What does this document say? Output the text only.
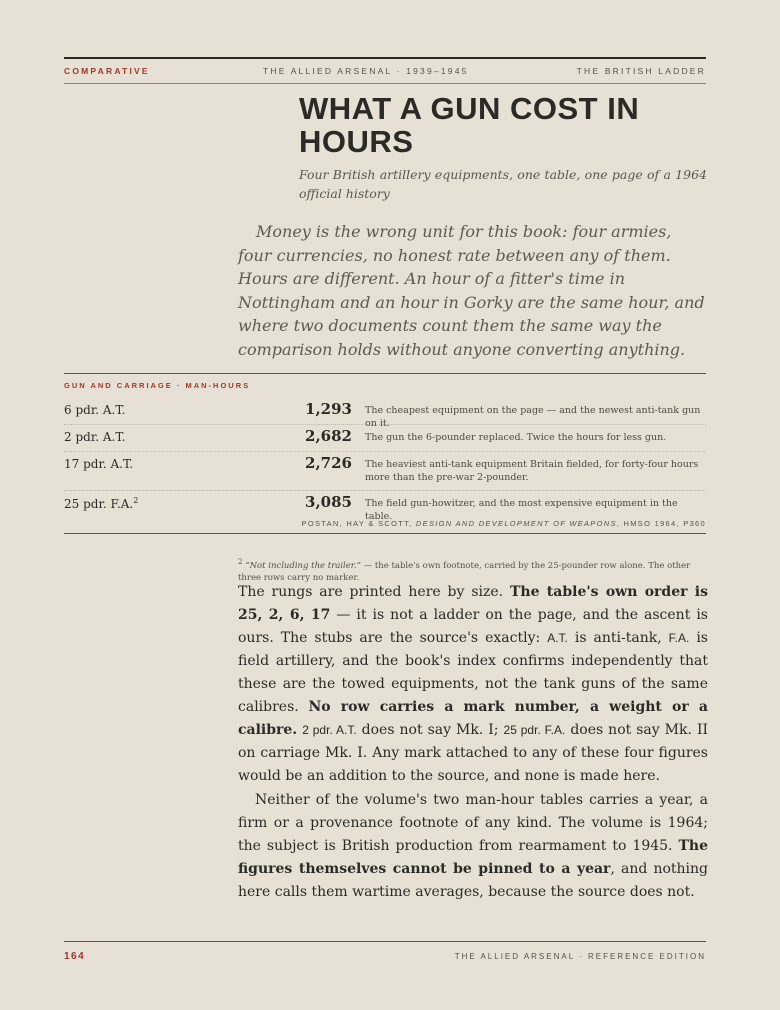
COMPARATIVE	THE ALLIED ARSENAL · 1939–1945	THE BRITISH LADDER
WHAT A GUN COST IN HOURS

Four British artillery equipments, one table, one page of a 1964 official history

Money is the wrong unit for this book: four armies, four currencies, no honest rate between any of them. Hours are different. An hour of a fitter's time in Nottingham and an hour in Gorky are the same hour, and where two documents count them the same way the comparison holds without anyone converting anything.

GUN AND CARRIAGE · MAN-HOURS
6 pdr. A.T.	1,293 The cheapest equipment on the page — and the newest anti-tank gun on it.
2 pdr. A.T.	2,682 The gun the 6-pounder replaced. Twice the hours for less gun.
17 pdr. A.T.	2,726 The heaviest anti-tank equipment Britain fielded, for forty-four hours more than the pre-war 2-pounder.
25 pdr. F.A.$^2$	3,085 The field gun-howitzer, and the most expensive equipment in the table.
POSTAN, HAY & SCOTT, DESIGN AND DEVELOPMENT OF WEAPONS, HMSO 1964, P360

$^2$ “Not including the trailer.” — the table's own footnote, carried by the 25-pounder row alone. The other three rows carry no marker.

The rungs are printed here by size. The table's own order is 25, 2, 6, 17 — it is not a ladder on the page, and the ascent is ours. The stubs are the source's exactly: A.T. is anti-tank, F.A. is field artillery, and the book's index confirms independently that these are the towed equipments, not the tank guns of the same calibres. No row carries a mark number, a weight or a calibre. 2 pdr. A.T. does not say Mk. I; 25 pdr. F.A. does not say Mk. II on carriage Mk. I. Any mark attached to any of these four figures would be an addition to the source, and none is made here.

Neither of the volume's two man-hour tables carries a year, a firm or a provenance footnote of any kind. The volume is 1964; the subject is British production from rearmament to 1945. The figures themselves cannot be pinned to a year, and nothing here calls them wartime averages, because the source does not.

164	THE ALLIED ARSENAL · REFERENCE EDITION
